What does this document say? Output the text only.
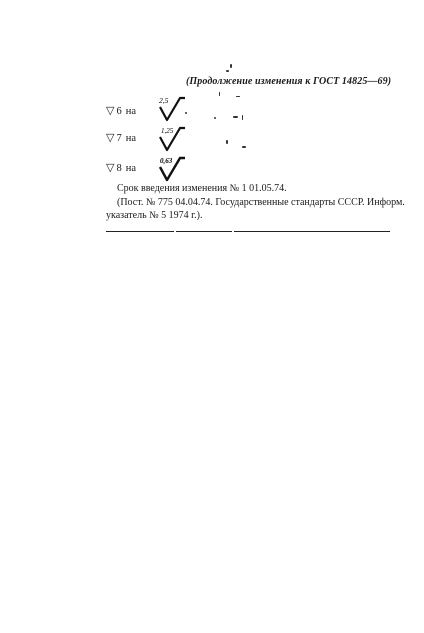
(Продолжение изменения к ГОСТ 14825—69)
▽ 6 на
2,5
▽ 7 на
1,25
▽ 8 на
0,63
Срок введения изменения № 1 01.05.74.
(Пост. № 775 04.04.74. Государственные стандарты СССР. Информ.
указатель № 5 1974 г.).
